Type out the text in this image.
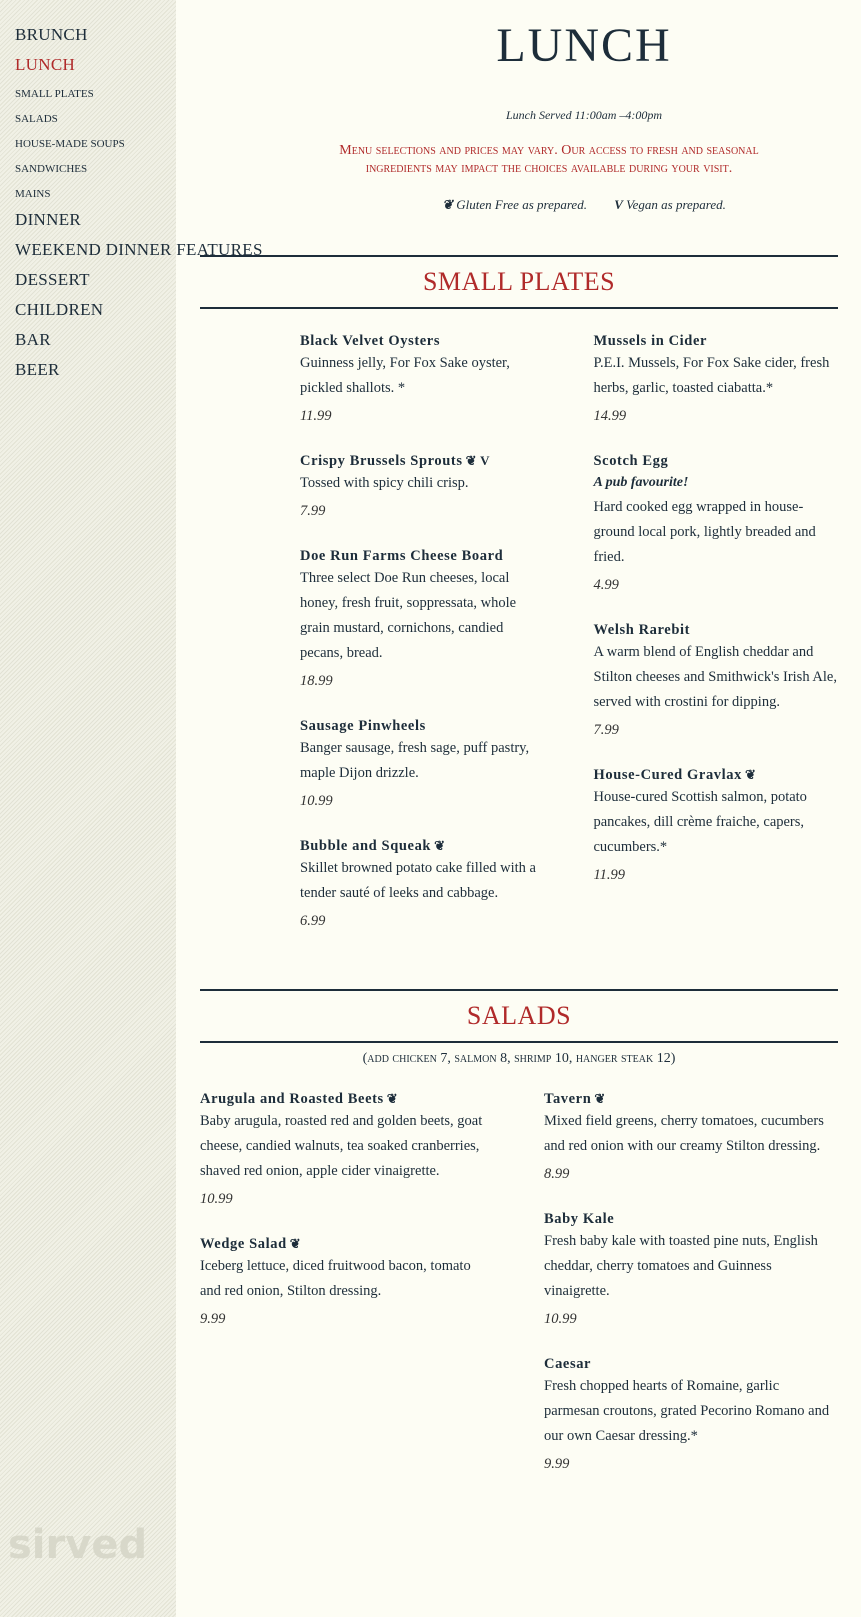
BRUNCH
LUNCH
SMALL PLATES
SALADS
HOUSE-MADE SOUPS
SANDWICHES
MAINS
DINNER
WEEKEND DINNER FEATURES
DESSERT
CHILDREN
BAR
BEER
sirved
LUNCH
Lunch Served 11:00am –4:00pm
Menu selections and prices may vary. Our access to fresh and seasonal ingredients may impact the choices available during your visit.
❦ Gluten Free as prepared. V Vegan as prepared.
SMALL PLATES
Black Velvet Oysters
Guinness jelly, For Fox Sake oyster, pickled shallots. *
11.99
Crispy Brussels Sprouts ❦ V
Tossed with spicy chili crisp.
7.99
Doe Run Farms Cheese Board
Three select Doe Run cheeses, local honey, fresh fruit, soppressata, whole grain mustard, cornichons, candied pecans, bread.
18.99
Sausage Pinwheels
Banger sausage, fresh sage, puff pastry, maple Dijon drizzle.
10.99
Bubble and Squeak ❦
Skillet browned potato cake filled with a tender sauté of leeks and cabbage.
6.99
Mussels in Cider
P.E.I. Mussels, For Fox Sake cider, fresh herbs, garlic, toasted ciabatta.*
14.99
Scotch Egg
A pub favourite!
Hard cooked egg wrapped in house-ground local pork, lightly breaded and fried.
4.99
Welsh Rarebit
A warm blend of English cheddar and Stilton cheeses and Smithwick's Irish Ale, served with crostini for dipping.
7.99
House-Cured Gravlax ❦
House-cured Scottish salmon, potato pancakes, dill crème fraiche, capers, cucumbers.*
11.99
SALADS
(add chicken 7, salmon 8, shrimp 10, hanger steak 12)
Arugula and Roasted Beets ❦
Baby arugula, roasted red and golden beets, goat cheese, candied walnuts, tea soaked cranberries, shaved red onion, apple cider vinaigrette.
10.99
Wedge Salad ❦
Iceberg lettuce, diced fruitwood bacon, tomato and red onion, Stilton dressing.
9.99
Tavern ❦
Mixed field greens, cherry tomatoes, cucumbers and red onion with our creamy Stilton dressing.
8.99
Baby Kale
Fresh baby kale with toasted pine nuts, English cheddar, cherry tomatoes and Guinness vinaigrette.
10.99
Caesar
Fresh chopped hearts of Romaine, garlic parmesan croutons, grated Pecorino Romano and our own Caesar dressing.*
9.99
